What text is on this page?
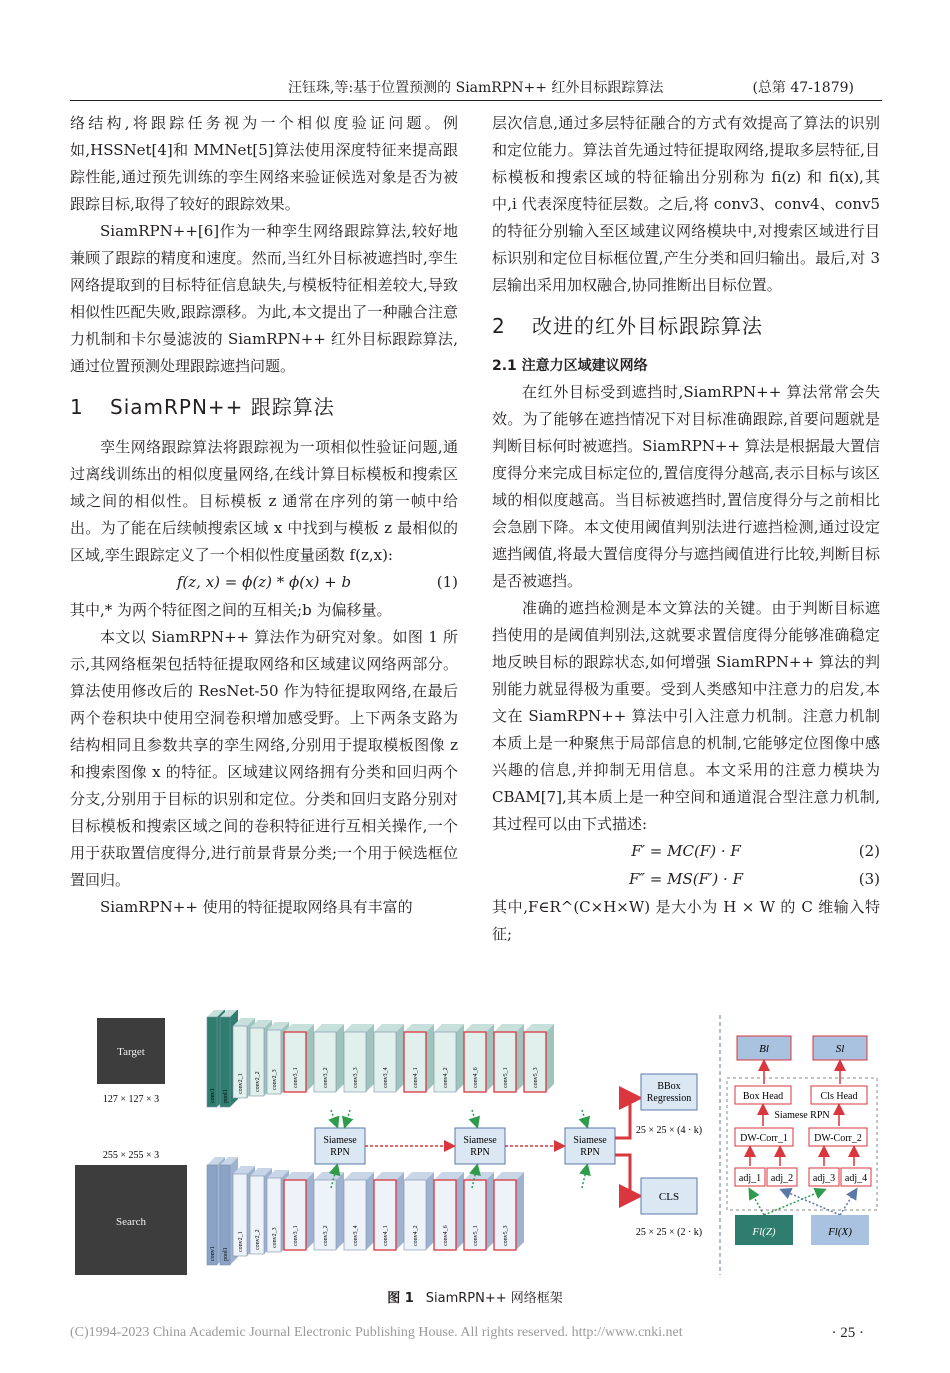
汪钰珠,等:基于位置预测的 SiamRPN++ 红外目标跟踪算法	(总第 47-1879)

络结构,将跟踪任务视为一个相似度验证问题。例如,HSSNet[4]和 MMNet[5]算法使用深度特征来提高跟踪性能,通过预先训练的孪生网络来验证候选对象是否为被跟踪目标,取得了较好的跟踪效果。

SiamRPN++[6]作为一种孪生网络跟踪算法,较好地兼顾了跟踪的精度和速度。然而,当红外目标被遮挡时,孪生网络提取到的目标特征信息缺失,与模板特征相差较大,导致相似性匹配失败,跟踪漂移。为此,本文提出了一种融合注意力机制和卡尔曼滤波的 SiamRPN++ 红外目标跟踪算法,通过位置预测处理跟踪遮挡问题。

1 SiamRPN++ 跟踪算法

孪生网络跟踪算法将跟踪视为一项相似性验证问题,通过离线训练出的相似度量网络,在线计算目标模板和搜索区域之间的相似性。目标模板 z 通常在序列的第一帧中给出。为了能在后续帧搜索区域 x 中找到与模板 z 最相似的区域,孪生跟踪定义了一个相似性度量函数 f(z,x):

f(z, x) = ϕ(z) * ϕ(x) + b	(1)

其中,* 为两个特征图之间的互相关;b 为偏移量。

本文以 SiamRPN++ 算法作为研究对象。如图 1 所示,其网络框架包括特征提取网络和区域建议网络两部分。算法使用修改后的 ResNet-50 作为特征提取网络,在最后两个卷积块中使用空洞卷积增加感受野。上下两条支路为结构相同且参数共享的孪生网络,分别用于提取模板图像 z 和搜索图像 x 的特征。区域建议网络拥有分类和回归两个分支,分别用于目标的识别和定位。分类和回归支路分别对目标模板和搜索区域之间的卷积特征进行互相关操作,一个用于获取置信度得分,进行前景背景分类;一个用于候选框位置回归。

SiamRPN++ 使用的特征提取网络具有丰富的

层次信息,通过多层特征融合的方式有效提高了算法的识别和定位能力。算法首先通过特征提取网络,提取多层特征,目标模板和搜索区域的特征输出分别称为 fi(z) 和 fi(x),其中,i 代表深度特征层数。之后,将 conv3、conv4、conv5 的特征分别输入至区域建议网络模块中,对搜索区域进行目标识别和定位目标框位置,产生分类和回归输出。最后,对 3 层输出采用加权融合,协同推断出目标位置。

2 改进的红外目标跟踪算法
2.1 注意力区域建议网络

在红外目标受到遮挡时,SiamRPN++ 算法常常会失效。为了能够在遮挡情况下对目标准确跟踪,首要问题就是判断目标何时被遮挡。SiamRPN++ 算法是根据最大置信度得分来完成目标定位的,置信度得分越高,表示目标与该区域的相似度越高。当目标被遮挡时,置信度得分与之前相比会急剧下降。本文使用阈值判别法进行遮挡检测,通过设定遮挡阈值,将最大置信度得分与遮挡阈值进行比较,判断目标是否被遮挡。

准确的遮挡检测是本文算法的关键。由于判断目标遮挡使用的是阈值判别法,这就要求置信度得分能够准确稳定地反映目标的跟踪状态,如何增强 SiamRPN++ 算法的判别能力就显得极为重要。受到人类感知中注意力的启发,本文在 SiamRPN++ 算法中引入注意力机制。注意力机制本质上是一种聚焦于局部信息的机制,它能够定位图像中感兴趣的信息,并抑制无用信息。本文采用的注意力模块为 CBAM[7],其本质上是一种空间和通道混合型注意力机制,其过程可以由下式描述:

F′ = MC(F) · F	(2)
F″ = MS(F′) · F	(3)

其中,F∈R^(C×H×W) 是大小为 H × W 的 C 维输入特征;

Target
127 × 127 × 3
255 × 255 × 3
Search
conv1 pool1
conv2_1 conv2_2 conv2_3	conv3_1	conv3_2	conv3_3	conv3_4	conv4_1	conv4_2	conv4_6	conv5_1	conv5_3
conv1 pool1
conv2_1 conv2_2 conv2_3	conv3_1	conv3_2	conv3_4	conv4_1	conv4_2	conv4_6	conv5_1	conv5_3
Siamese RPN
Siamese RPN
Siamese RPN
BBox Regression
25 × 25 × (4 · k)
CLS
25 × 25 × (2 · k)
Bl	Sl
Box Head	Cls Head
Siamese RPN
DW-Corr_1	DW-Corr_2
adj_1 adj_2 adj_3 adj_4
Fl(Z)	Fl(X)
图 1 SiamRPN++ 网络框架
(C)1994-2023 China Academic Journal Electronic Publishing House. All rights reserved. http://www.cnki.net	· 25 ·
